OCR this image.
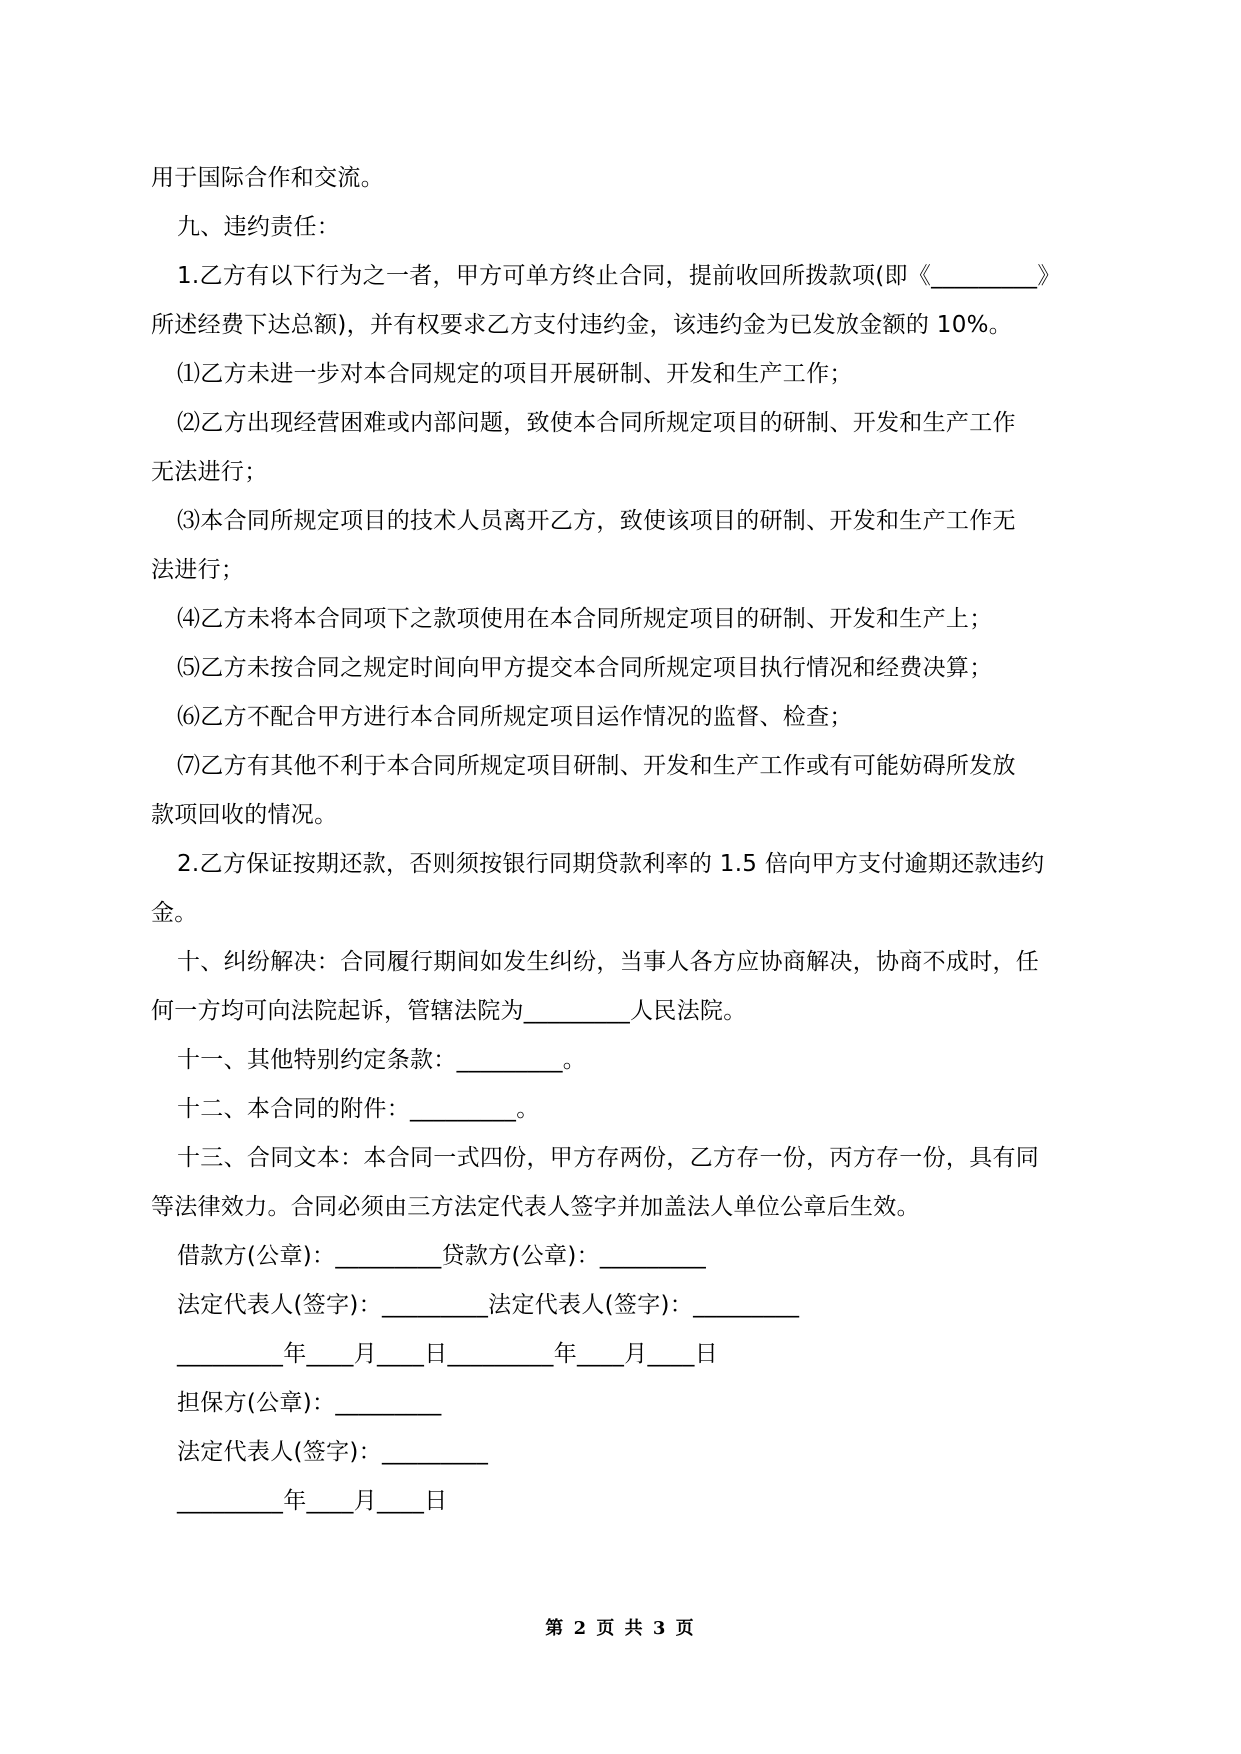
用于国际合作和交流。
九、违约责任：
1.乙方有以下行为之一者，甲方可单方终止合同，提前收回所拨款项(即《_________》
所述经费下达总额)，并有权要求乙方支付违约金，该违约金为已发放金额的 10%。
⑴乙方未进一步对本合同规定的项目开展研制、开发和生产工作；
⑵乙方出现经营困难或内部问题，致使本合同所规定项目的研制、开发和生产工作
无法进行；
⑶本合同所规定项目的技术人员离开乙方，致使该项目的研制、开发和生产工作无
法进行；
⑷乙方未将本合同项下之款项使用在本合同所规定项目的研制、开发和生产上；
⑸乙方未按合同之规定时间向甲方提交本合同所规定项目执行情况和经费决算；
⑹乙方不配合甲方进行本合同所规定项目运作情况的监督、检查；
⑺乙方有其他不利于本合同所规定项目研制、开发和生产工作或有可能妨碍所发放
款项回收的情况。
2.乙方保证按期还款，否则须按银行同期贷款利率的 1.5 倍向甲方支付逾期还款违约
金。
十、纠纷解决：合同履行期间如发生纠纷，当事人各方应协商解决，协商不成时，任
何一方均可向法院起诉，管辖法院为_________人民法院。
十一、其他特别约定条款：_________。
十二、本合同的附件：_________。
十三、合同文本：本合同一式四份，甲方存两份，乙方存一份，丙方存一份，具有同
等法律效力。合同必须由三方法定代表人签字并加盖法人单位公章后生效。
借款方(公章)：_________贷款方(公章)：_________
法定代表人(签字)：_________法定代表人(签字)：_________
_________年____月____日_________年____月____日
担保方(公章)：_________
法定代表人(签字)：_________
_________年____月____日
第 2 页 共 3 页
